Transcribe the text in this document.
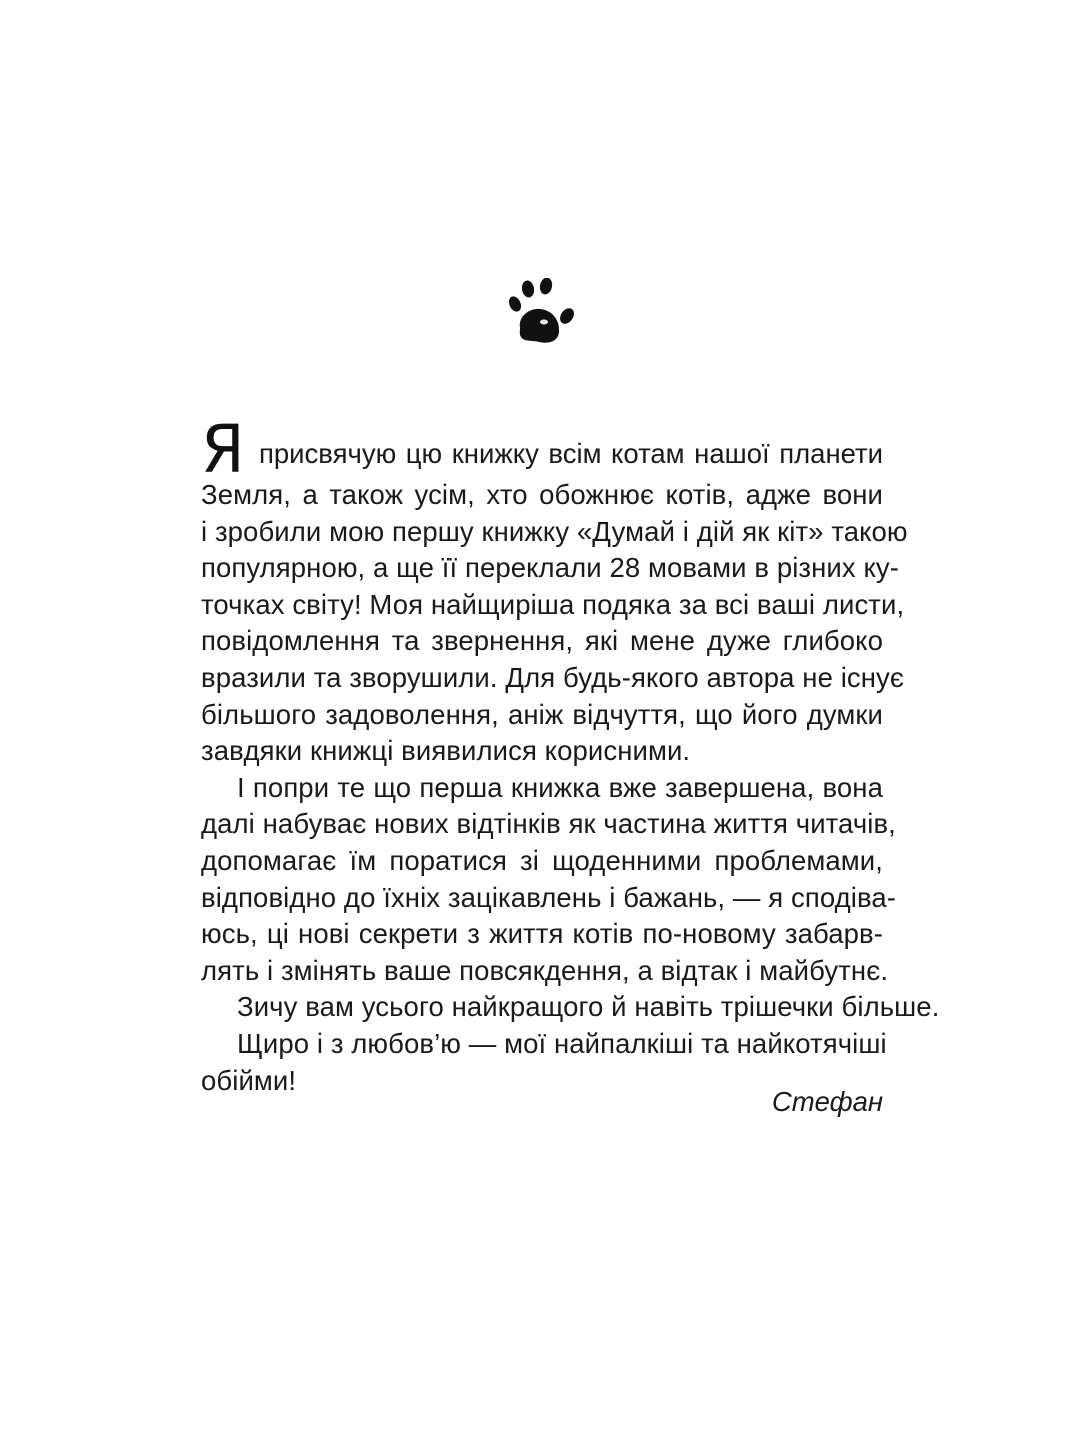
Я присвячую цю книжку всім котам нашої планети

Земля, а також усім, хто обожнює котів, адже вони

і зробили мою першу книжку «Думай і дій як кіт» такою

популярною, а ще її переклали 28 мовами в різних ку-

точках світу! Моя найщиріша подяка за всі ваші листи,

повідомлення та звернення, які мене дуже глибоко

вразили та зворушили. Для будь-якого автора не існує

більшого задоволення, аніж відчуття, що його думки

завдяки книжці виявилися корисними.

І попри те що перша книжка вже завершена, вона

далі набуває нових відтінків як частина життя читачів,

допомагає їм поратися зі щоденними проблемами,

відповідно до їхніх зацікавлень і бажань, — я сподіва-

юсь, ці нові секрети з життя котів по-новому забарв-

лять і змінять ваше повсякдення, а відтак і майбутнє.

Зичу вам усього найкращого й навіть трішечки більше.

Щиро і з любов’ю — мої найпалкіші та найкотячіші

обійми!

Стефан
